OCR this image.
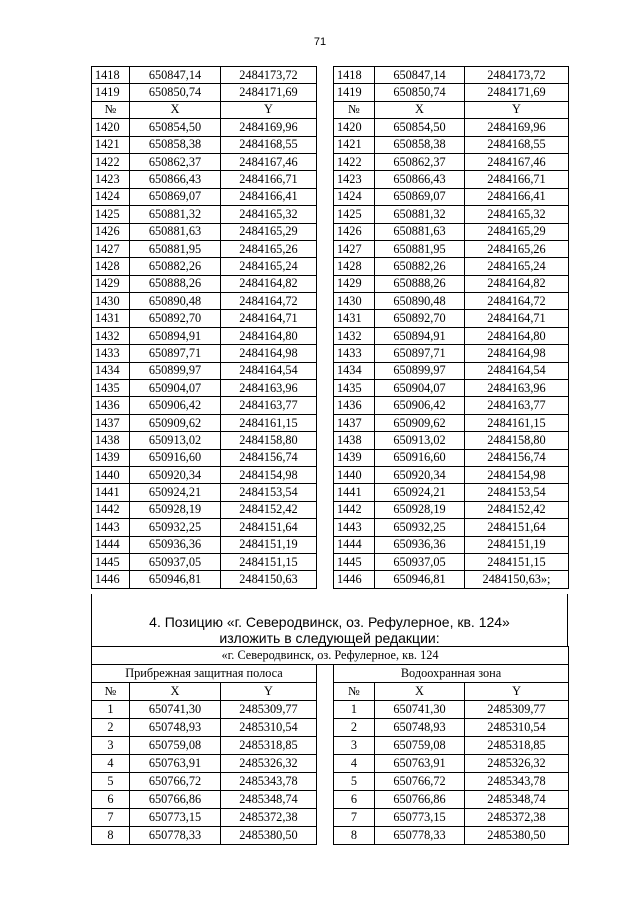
71
1418	650847,14	2484173,72		1418	650847,14	2484173,72
1419	650850,74	2484171,69		1419	650850,74	2484171,69
№	X	Y		№	X	Y
1420	650854,50	2484169,96		1420	650854,50	2484169,96
1421	650858,38	2484168,55		1421	650858,38	2484168,55
1422	650862,37	2484167,46		1422	650862,37	2484167,46
1423	650866,43	2484166,71		1423	650866,43	2484166,71
1424	650869,07	2484166,41		1424	650869,07	2484166,41
1425	650881,32	2484165,32		1425	650881,32	2484165,32
1426	650881,63	2484165,29		1426	650881,63	2484165,29
1427	650881,95	2484165,26		1427	650881,95	2484165,26
1428	650882,26	2484165,24		1428	650882,26	2484165,24
1429	650888,26	2484164,82		1429	650888,26	2484164,82
1430	650890,48	2484164,72		1430	650890,48	2484164,72
1431	650892,70	2484164,71		1431	650892,70	2484164,71
1432	650894,91	2484164,80		1432	650894,91	2484164,80
1433	650897,71	2484164,98		1433	650897,71	2484164,98
1434	650899,97	2484164,54		1434	650899,97	2484164,54
1435	650904,07	2484163,96		1435	650904,07	2484163,96
1436	650906,42	2484163,77		1436	650906,42	2484163,77
1437	650909,62	2484161,15		1437	650909,62	2484161,15
1438	650913,02	2484158,80		1438	650913,02	2484158,80
1439	650916,60	2484156,74		1439	650916,60	2484156,74
1440	650920,34	2484154,98		1440	650920,34	2484154,98
1441	650924,21	2484153,54		1441	650924,21	2484153,54
1442	650928,19	2484152,42		1442	650928,19	2484152,42
1443	650932,25	2484151,64		1443	650932,25	2484151,64
1444	650936,36	2484151,19		1444	650936,36	2484151,19
1445	650937,05	2484151,15		1445	650937,05	2484151,15
1446	650946,81	2484150,63		1446	650946,81	2484150,63»;
4. Позицию «г. Северодвинск, оз. Рефулерное, кв. 124»
изложить в следующей редакции:
«г. Северодвинск, оз. Рефулерное, кв. 124						
Прибрежная защитная полоса				Водоохранная зона		
№	X	Y		№	X	Y
1	650741,30	2485309,77		1	650741,30	2485309,77
2	650748,93	2485310,54		2	650748,93	2485310,54
3	650759,08	2485318,85		3	650759,08	2485318,85
4	650763,91	2485326,32		4	650763,91	2485326,32
5	650766,72	2485343,78		5	650766,72	2485343,78
6	650766,86	2485348,74		6	650766,86	2485348,74
7	650773,15	2485372,38		7	650773,15	2485372,38
8	650778,33	2485380,50		8	650778,33	2485380,50
